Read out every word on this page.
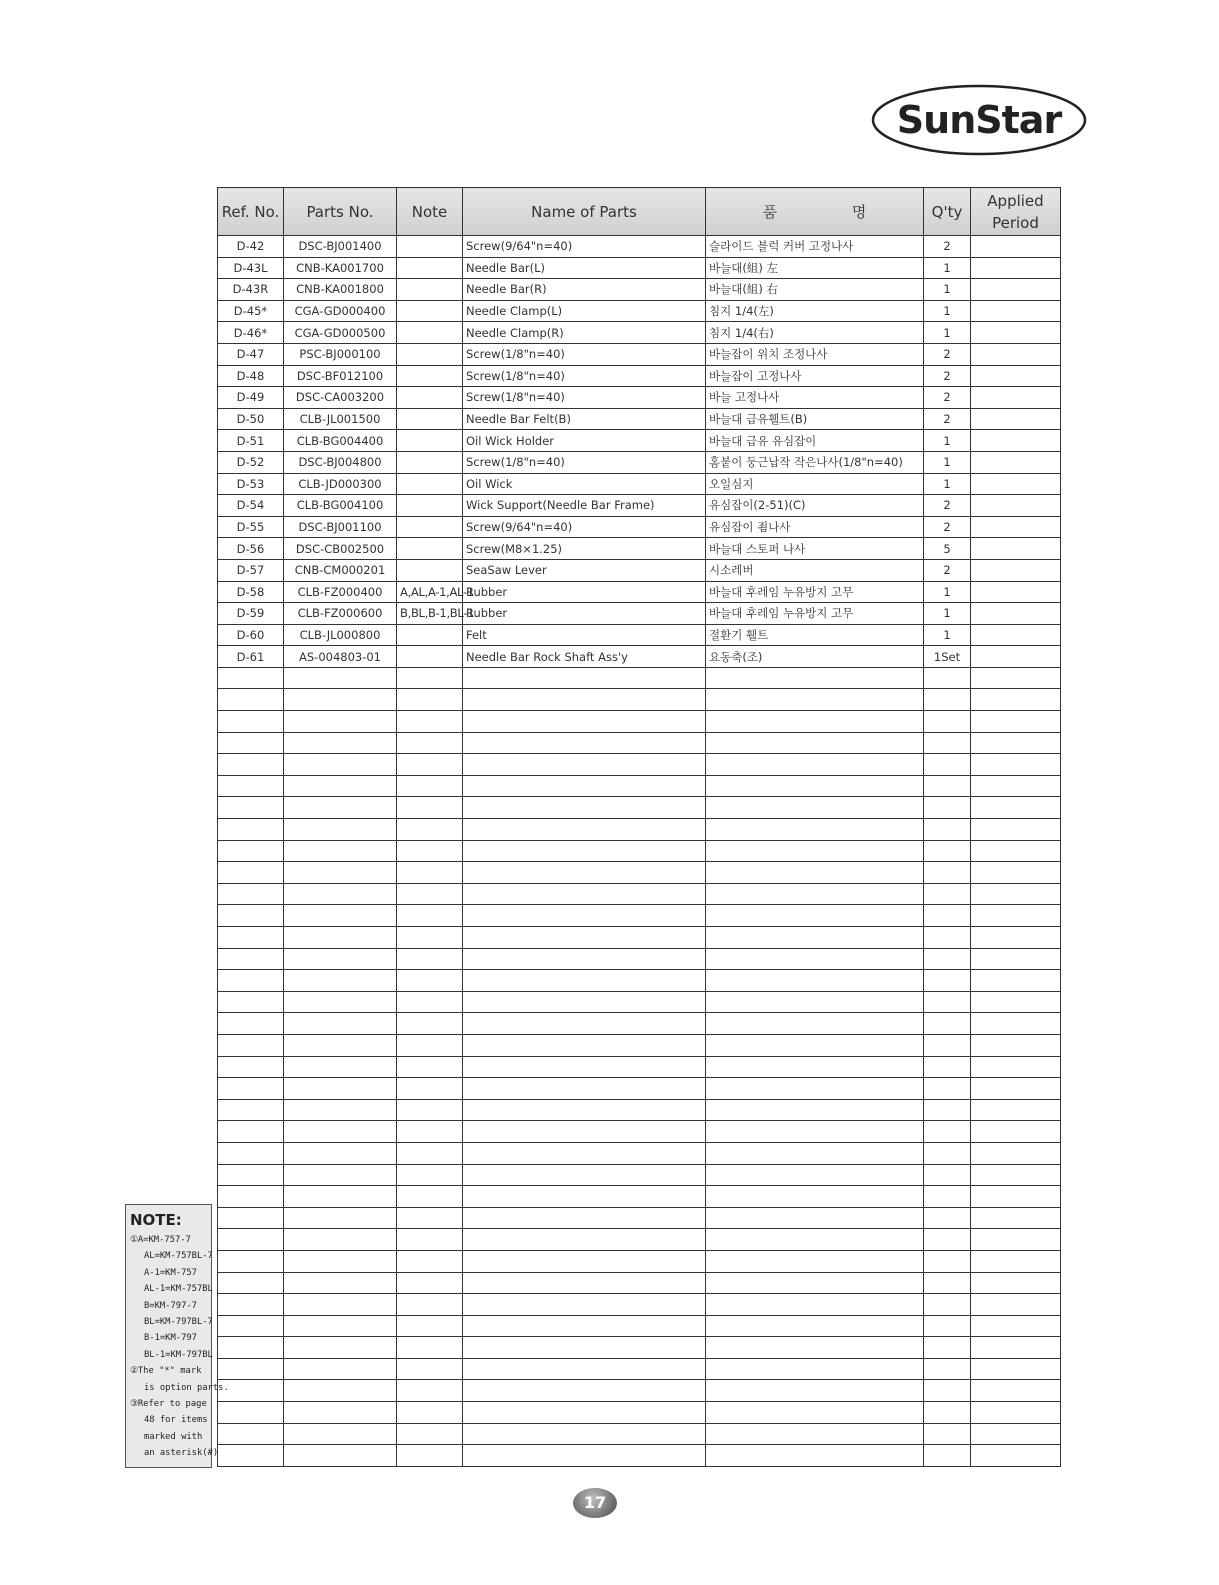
SunStar
Ref. No.	Parts No.	Note	Name of Parts	품 명	Q'ty	Applied Period
D-42	DSC-BJ001400		Screw(9/64"n=40)	슬라이드 블럭 커버 고정나사	2	
D-43L	CNB-KA001700		Needle Bar(L)	바늘대(組) 左	1	
D-43R	CNB-KA001800		Needle Bar(R)	바늘대(組) 右	1	
D-45*	CGA-GD000400		Needle Clamp(L)	침지 1/4(左)	1	
D-46*	CGA-GD000500		Needle Clamp(R)	침지 1/4(右)	1	
D-47	PSC-BJ000100		Screw(1/8"n=40)	바늘잡이 위치 조정나사	2	
D-48	DSC-BF012100		Screw(1/8"n=40)	바늘잡이 고정나사	2	
D-49	DSC-CA003200		Screw(1/8"n=40)	바늘 고정나사	2	
D-50	CLB-JL001500		Needle Bar Felt(B)	바늘대 급유휄트(B)	2	
D-51	CLB-BG004400		Oil Wick Holder	바늘대 급유 유심잡이	1	
D-52	DSC-BJ004800		Screw(1/8"n=40)	홈붙이 둥근납작 작은나사(1/8"n=40)	1	
D-53	CLB-JD000300		Oil Wick	오일심지	1	
D-54	CLB-BG004100		Wick Support(Needle Bar Frame)	유심잡이(2-51)(C)	2	
D-55	DSC-BJ001100		Screw(9/64"n=40)	유심잡이 죔나사	2	
D-56	DSC-CB002500		Screw(M8×1.25)	바늘대 스토퍼 나사	5	
D-57	CNB-CM000201		SeaSaw Lever	시소레버	2	
D-58	CLB-FZ000400	A,AL,A-1,AL-1	Rubber	바늘대 후레임 누유방지 고무	1	
D-59	CLB-FZ000600	B,BL,B-1,BL-1	Rubber	바늘대 후레임 누유방지 고무	1	
D-60	CLB-JL000800		Felt	절환기 휄트	1	
D-61	AS-004803-01		Needle Bar Rock Shaft Ass'y	요동축(조)	1Set	

NOTE:
①A=KM-757-7
AL=KM-757BL-7
A-1=KM-757
AL-1=KM-757BL
B=KM-797-7
BL=KM-797BL-7
B-1=KM-797
BL-1=KM-797BL
②The "*" mark
is option parts.
③Refer to page
48 for items
marked with
an asterisk(#)
17
